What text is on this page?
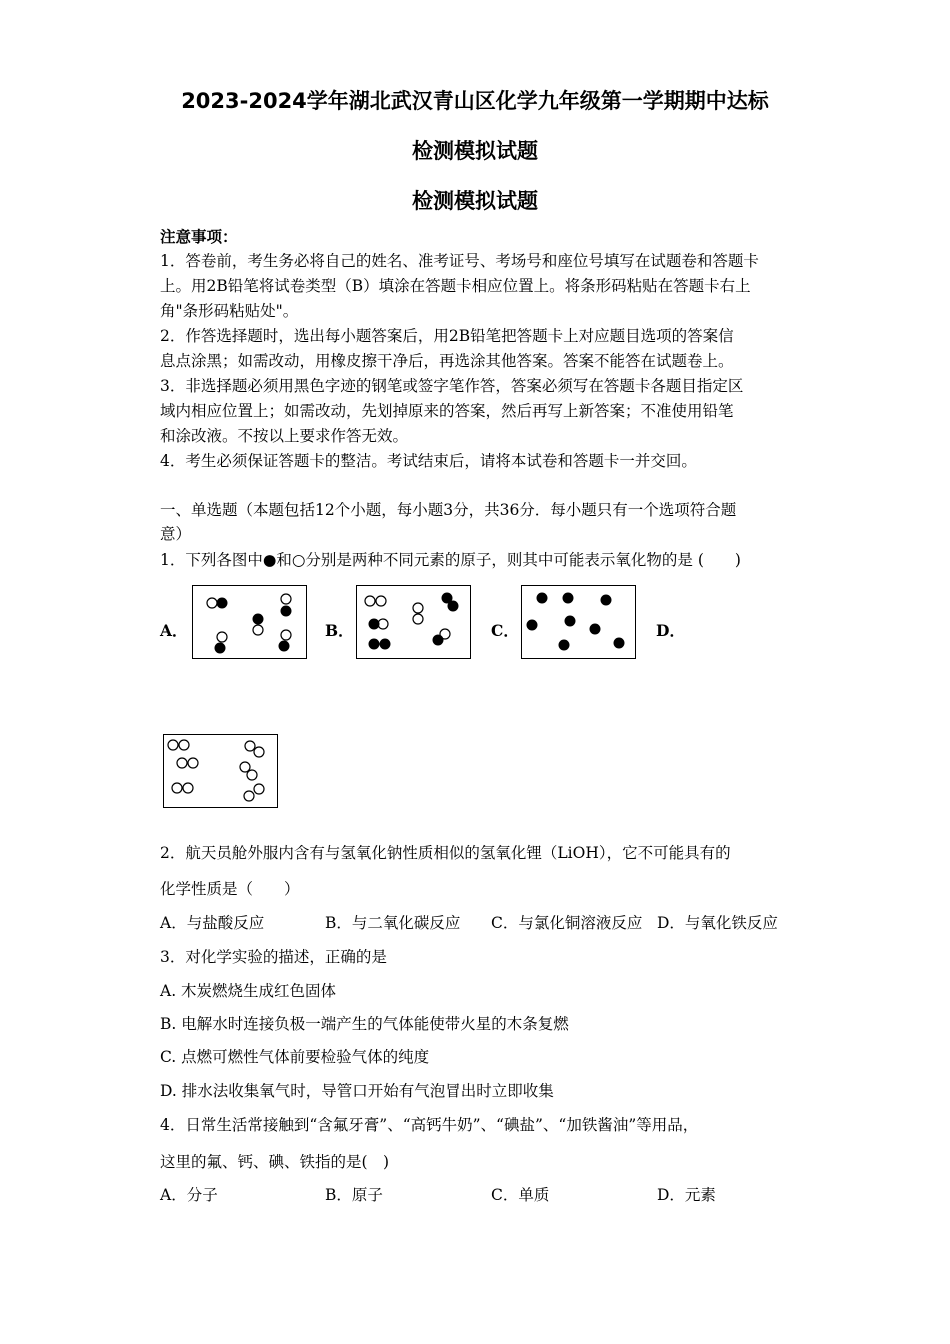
2023-2024学年湖北武汉青山区化学九年级第一学期期中达标
检测模拟试题
检测模拟试题
注意事项：
1．答卷前，考生务必将自己的姓名、准考证号、考场号和座位号填写在试题卷和答题卡
上。用2B铅笔将试卷类型（B）填涂在答题卡相应位置上。将条形码粘贴在答题卡右上
角"条形码粘贴处"。
2．作答选择题时，选出每小题答案后，用2B铅笔把答题卡上对应题目选项的答案信
息点涂黑；如需改动，用橡皮擦干净后，再选涂其他答案。答案不能答在试题卷上。
3．非选择题必须用黑色字迹的钢笔或签字笔作答，答案必须写在答题卡各题目指定区
域内相应位置上；如需改动，先划掉原来的答案，然后再写上新答案；不准使用铅笔
和涂改液。不按以上要求作答无效。
4．考生必须保证答题卡的整洁。考试结束后，请将本试卷和答题卡一并交回。
一、单选题（本题包括12个小题，每小题3分，共36分．每小题只有一个选项符合题
意）
1．下列各图中●和○分别是两种不同元素的原子，则其中可能表示氧化物的是 (　　)
A．	B．	C．	D．
2．航天员舱外服内含有与氢氧化钠性质相似的氢氧化锂（LiOH），它不可能具有的
化学性质是（　　）
A．与盐酸反应	B．与二氧化碳反应 C．与氯化铜溶液反应 D．与氧化铁反应
3．对化学实验的描述，正确的是
A. 木炭燃烧生成红色固体
B. 电解水时连接负极一端产生的气体能使带火星的木条复燃
C. 点燃可燃性气体前要检验气体的纯度
D. 排水法收集氧气时，导管口开始有气泡冒出时立即收集
4．日常生活常接触到“含氟牙膏”、“高钙牛奶”、“碘盐”、“加铁酱油”等用品，
这里的氟、钙、碘、铁指的是(　)
A．分子	B．原子	C．单质	D．元素
